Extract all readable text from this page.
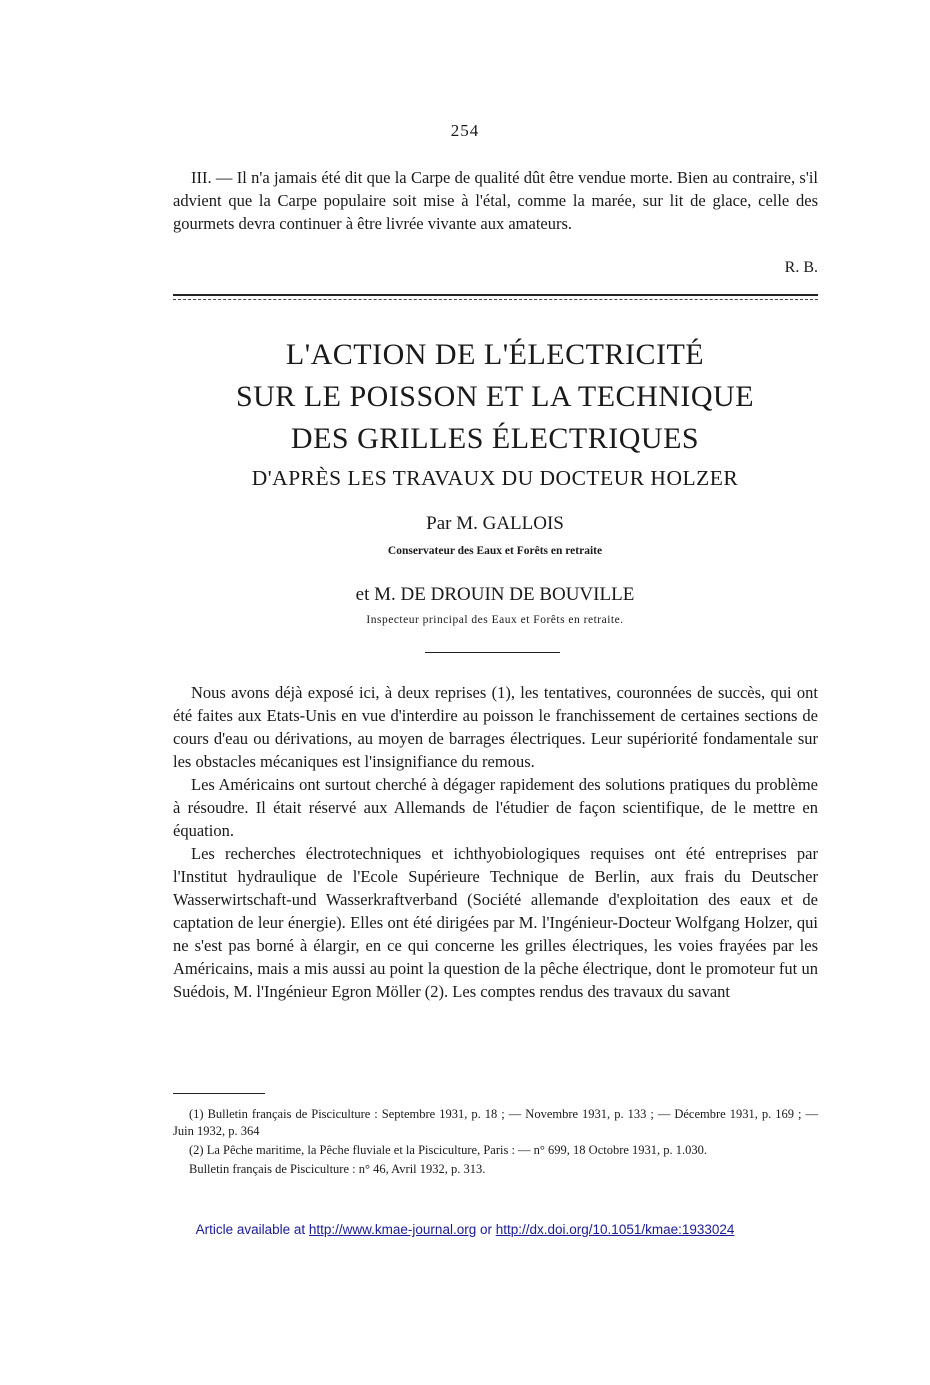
254

III. — Il n'a jamais été dit que la Carpe de qualité dût être vendue morte. Bien au contraire, s'il advient que la Carpe populaire soit mise à l'étal, comme la marée, sur lit de glace, celle des gourmets devra continuer à être livrée vivante aux amateurs.

R. B.
L'ACTION DE L'ÉLECTRICITÉ
SUR LE POISSON ET LA TECHNIQUE
DES GRILLES ÉLECTRIQUES
D'APRÈS LES TRAVAUX DU DOCTEUR HOLZER
Par M. GALLOIS
Conservateur des Eaux et Forêts en retraite
et M. DE DROUIN DE BOUVILLE
Inspecteur principal des Eaux et Forêts en retraite.

Nous avons déjà exposé ici, à deux reprises (1), les tentatives, couronnées de succès, qui ont été faites aux Etats-Unis en vue d'interdire au poisson le franchissement de certaines sections de cours d'eau ou dérivations, au moyen de barrages électriques. Leur supériorité fondamentale sur les obstacles mécaniques est l'insignifiance du remous.

Les Américains ont surtout cherché à dégager rapidement des solutions pratiques du problème à résoudre. Il était réservé aux Allemands de l'étudier de façon scientifique, de le mettre en équation.

Les recherches électrotechniques et ichthyobiologiques requises ont été entreprises par l'Institut hydraulique de l'Ecole Supérieure Technique de Berlin, aux frais du Deutscher Wasserwirtschaft-und Wasserkraftverband (Société allemande d'exploitation des eaux et de captation de leur énergie). Elles ont été dirigées par M. l'Ingénieur-Docteur Wolfgang Holzer, qui ne s'est pas borné à élargir, en ce qui concerne les grilles électriques, les voies frayées par les Américains, mais a mis aussi au point la question de la pêche électrique, dont le promoteur fut un Suédois, M. l'Ingénieur Egron Möller (2). Les comptes rendus des travaux du savant

(1) Bulletin français de Pisciculture : Septembre 1931, p. 18 ; — Novembre 1931, p. 133 ; — Décembre 1931, p. 169 ; — Juin 1932, p. 364

(2) La Pêche maritime, la Pêche fluviale et la Pisciculture, Paris : — n° 699, 18 Octobre 1931, p. 1.030.

Bulletin français de Pisciculture : n° 46, Avril 1932, p. 313.

Article available at http://www.kmae-journal.org or http://dx.doi.org/10.1051/kmae:1933024
